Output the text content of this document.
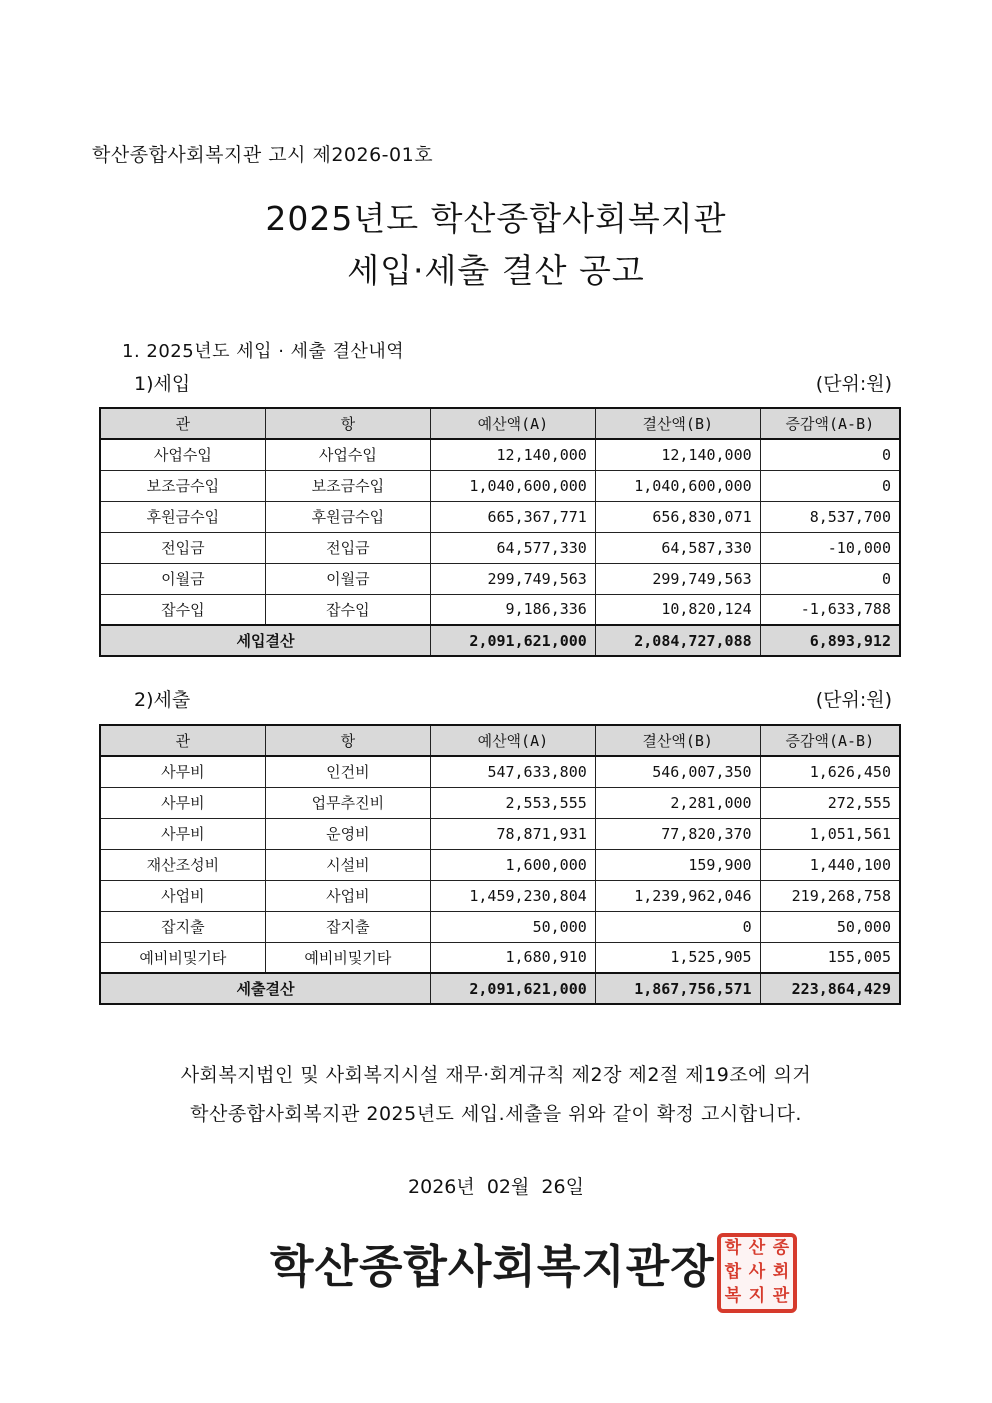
학산종합사회복지관 고시 제2026-01호
2025년도 학산종합사회복지관
세입·세출 결산 공고
1. 2025년도 세입 · 세출 결산내역
1)세입	(단위:원)
관	항	예산액(A)	결산액(B)	증감액(A-B)
사업수입	사업수입	12,140,000	12,140,000	0
보조금수입	보조금수입	1,040,600,000	1,040,600,000	0
후원금수입	후원금수입	665,367,771	656,830,071	8,537,700
전입금	전입금	64,577,330	64,587,330	-10,000
이월금	이월금	299,749,563	299,749,563	0
잡수입	잡수입	9,186,336	10,820,124	-1,633,788
세입결산		2,091,621,000	2,084,727,088	6,893,912
2)세출	(단위:원)
관	항	예산액(A)	결산액(B)	증감액(A-B)
사무비	인건비	547,633,800	546,007,350	1,626,450
사무비	업무추진비	2,553,555	2,281,000	272,555
사무비	운영비	78,871,931	77,820,370	1,051,561
재산조성비	시설비	1,600,000	159,900	1,440,100
사업비	사업비	1,459,230,804	1,239,962,046	219,268,758
잡지출	잡지출	50,000	0	50,000
예비비및기타	예비비및기타	1,680,910	1,525,905	155,005
세출결산		2,091,621,000	1,867,756,571	223,864,429
사회복지법인 및 사회복지시설 재무·회계규칙 제2장 제2절 제19조에 의거
학산종합사회복지관 2025년도 세입.세출을 위와 같이 확정 고시합니다.
2026년  02월  26일
학산종합사회복지관장 학 산 종
합 사 회
복 지 관
